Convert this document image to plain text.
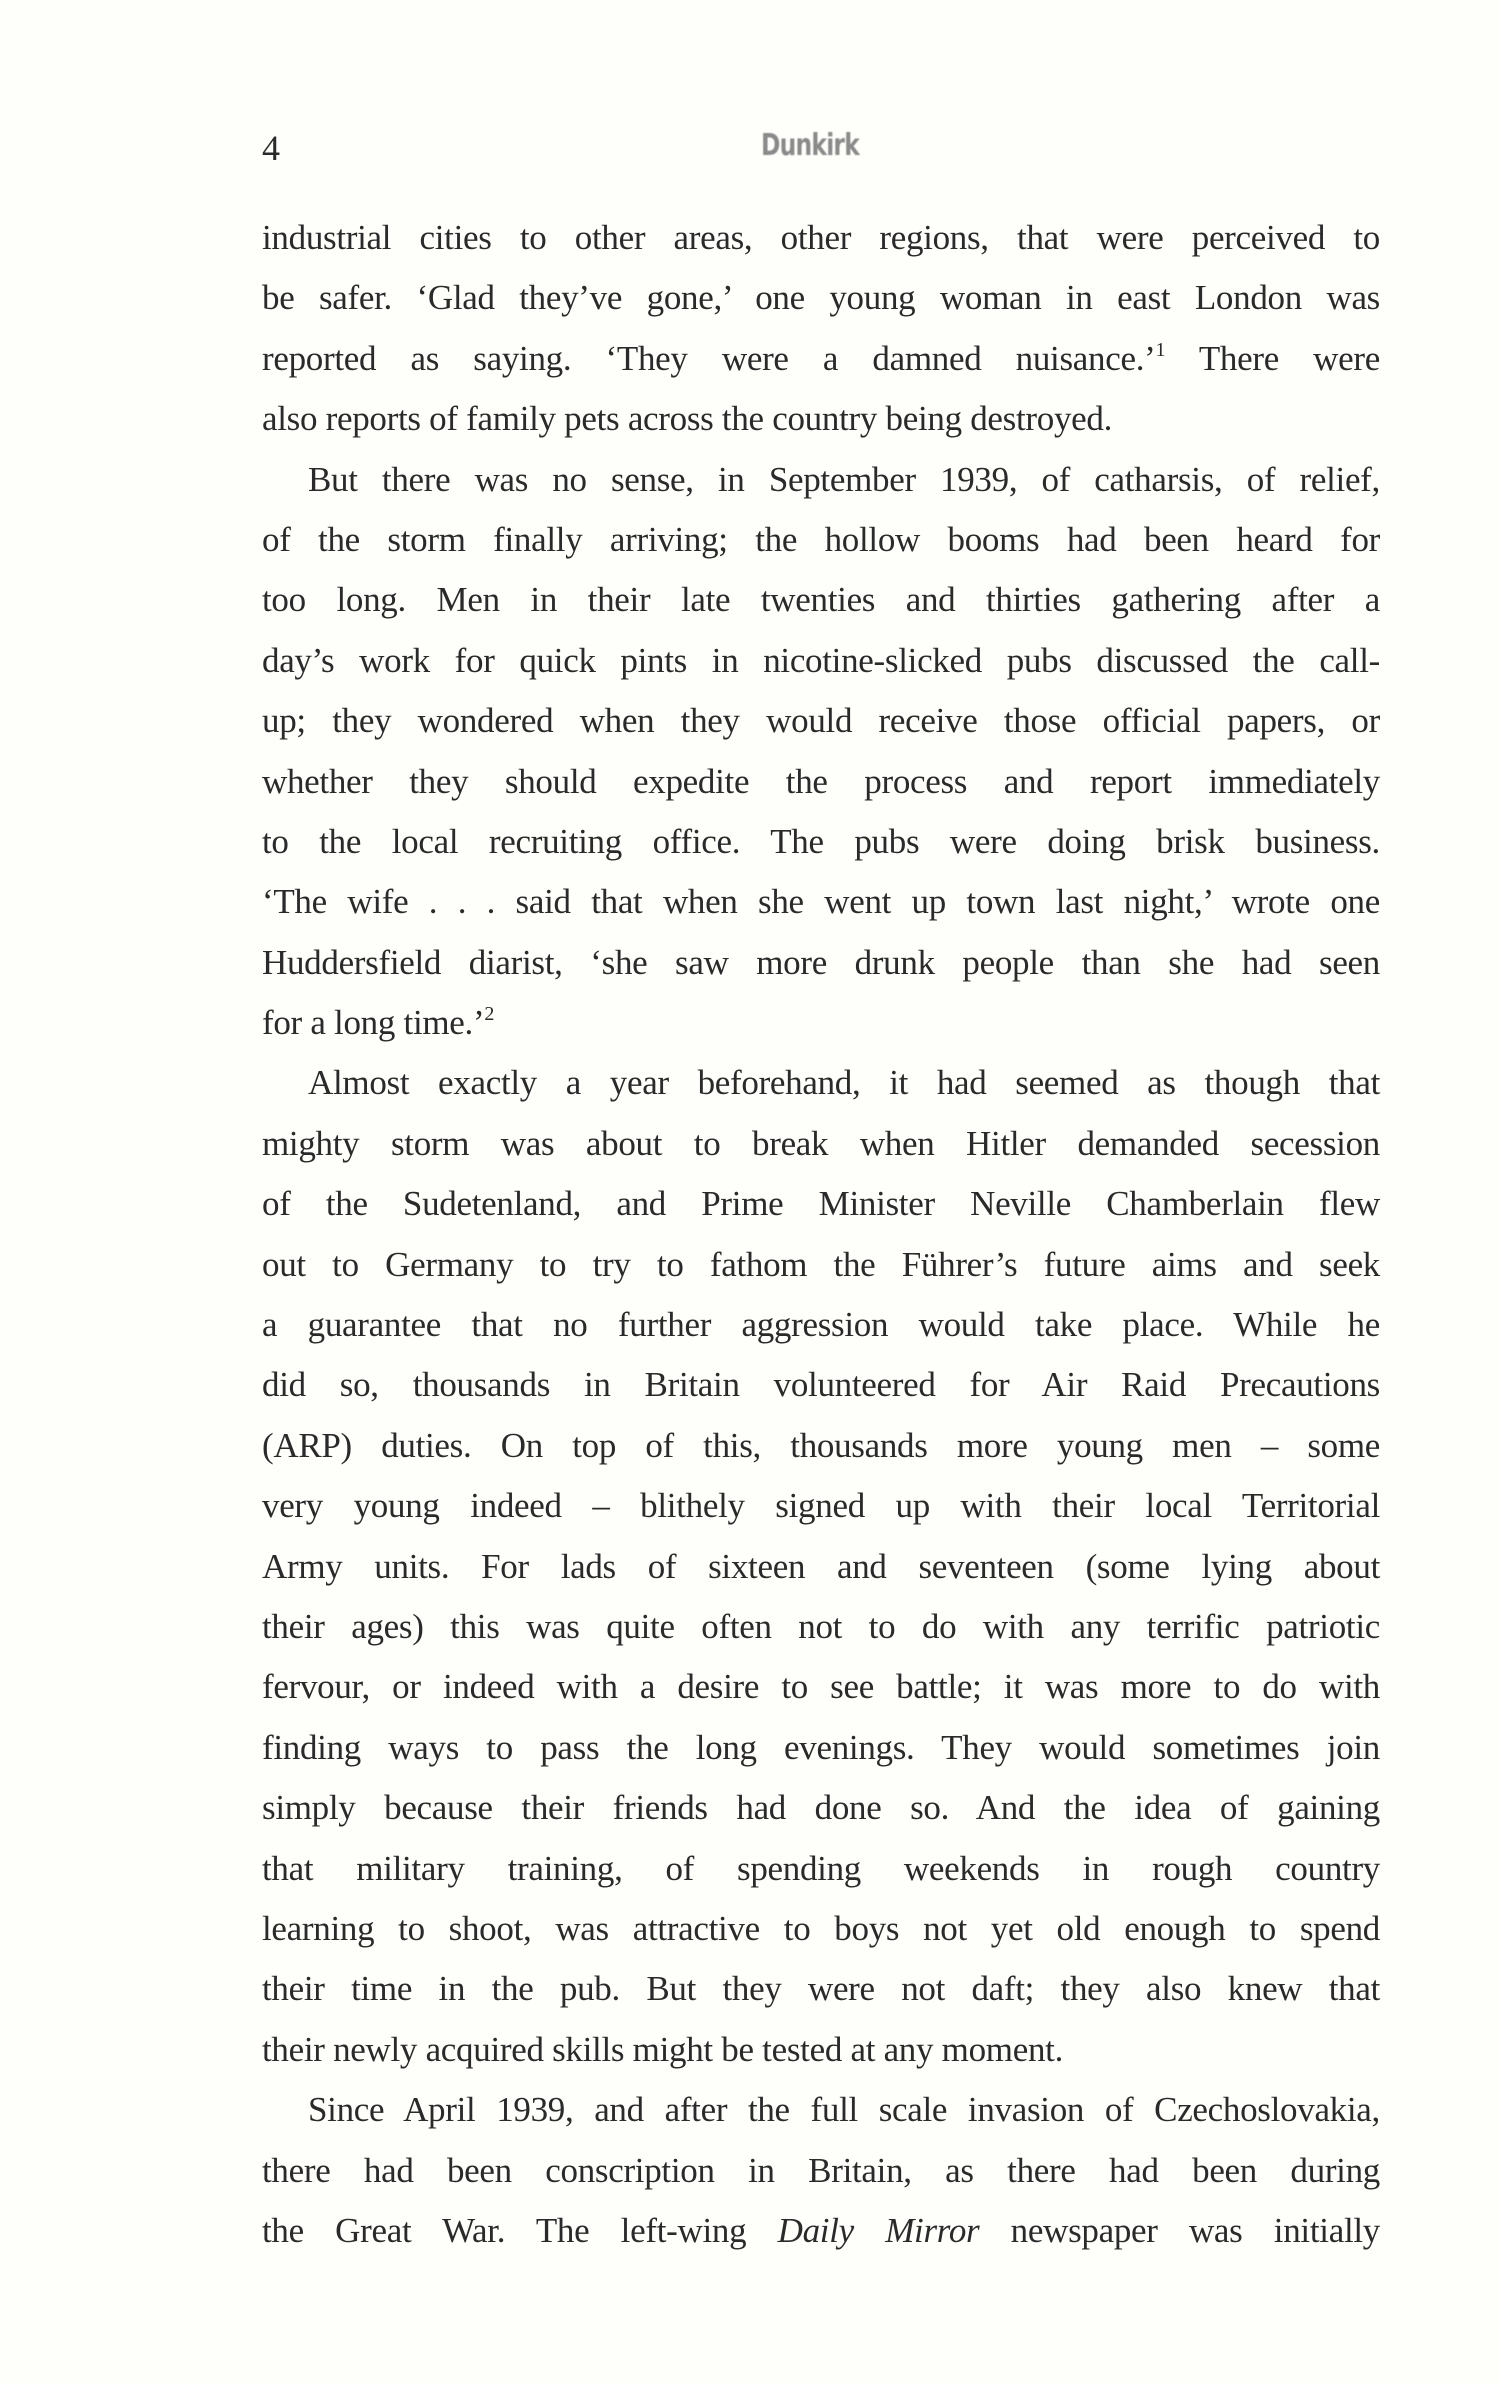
4	Dunkirk
industrial cities to other areas, other regions, that were perceived to
be safer. ‘Glad they’ve gone,’ one young woman in east London was
reported as saying. ‘They were a damned nuisance.’$^1$ There were
also reports of family pets across the country being destroyed.
But there was no sense, in September 1939, of catharsis, of relief,
of the storm finally arriving; the hollow booms had been heard for
too long. Men in their late twenties and thirties gathering after a
day’s work for quick pints in nicotine-slicked pubs discussed the call-
up; they wondered when they would receive those official papers, or
whether they should expedite the process and report immediately
to the local recruiting office. The pubs were doing brisk business.
‘The wife . . . said that when she went up town last night,’ wrote one
Huddersfield diarist, ‘she saw more drunk people than she had seen
for a long time.’$^2$
Almost exactly a year beforehand, it had seemed as though that
mighty storm was about to break when Hitler demanded secession
of the Sudetenland, and Prime Minister Neville Chamberlain flew
out to Germany to try to fathom the Führer’s future aims and seek
a guarantee that no further aggression would take place. While he
did so, thousands in Britain volunteered for Air Raid Precautions
(ARP) duties. On top of this, thousands more young men – some
very young indeed – blithely signed up with their local Territorial
Army units. For lads of sixteen and seventeen (some lying about
their ages) this was quite often not to do with any terrific patriotic
fervour, or indeed with a desire to see battle; it was more to do with
finding ways to pass the long evenings. They would sometimes join
simply because their friends had done so. And the idea of gaining
that military training, of spending weekends in rough country
learning to shoot, was attractive to boys not yet old enough to spend
their time in the pub. But they were not daft; they also knew that
their newly acquired skills might be tested at any moment.
Since April 1939, and after the full scale invasion of Czechoslovakia,
there had been conscription in Britain, as there had been during
the Great War. The left-wing Daily Mirror newspaper was initially
